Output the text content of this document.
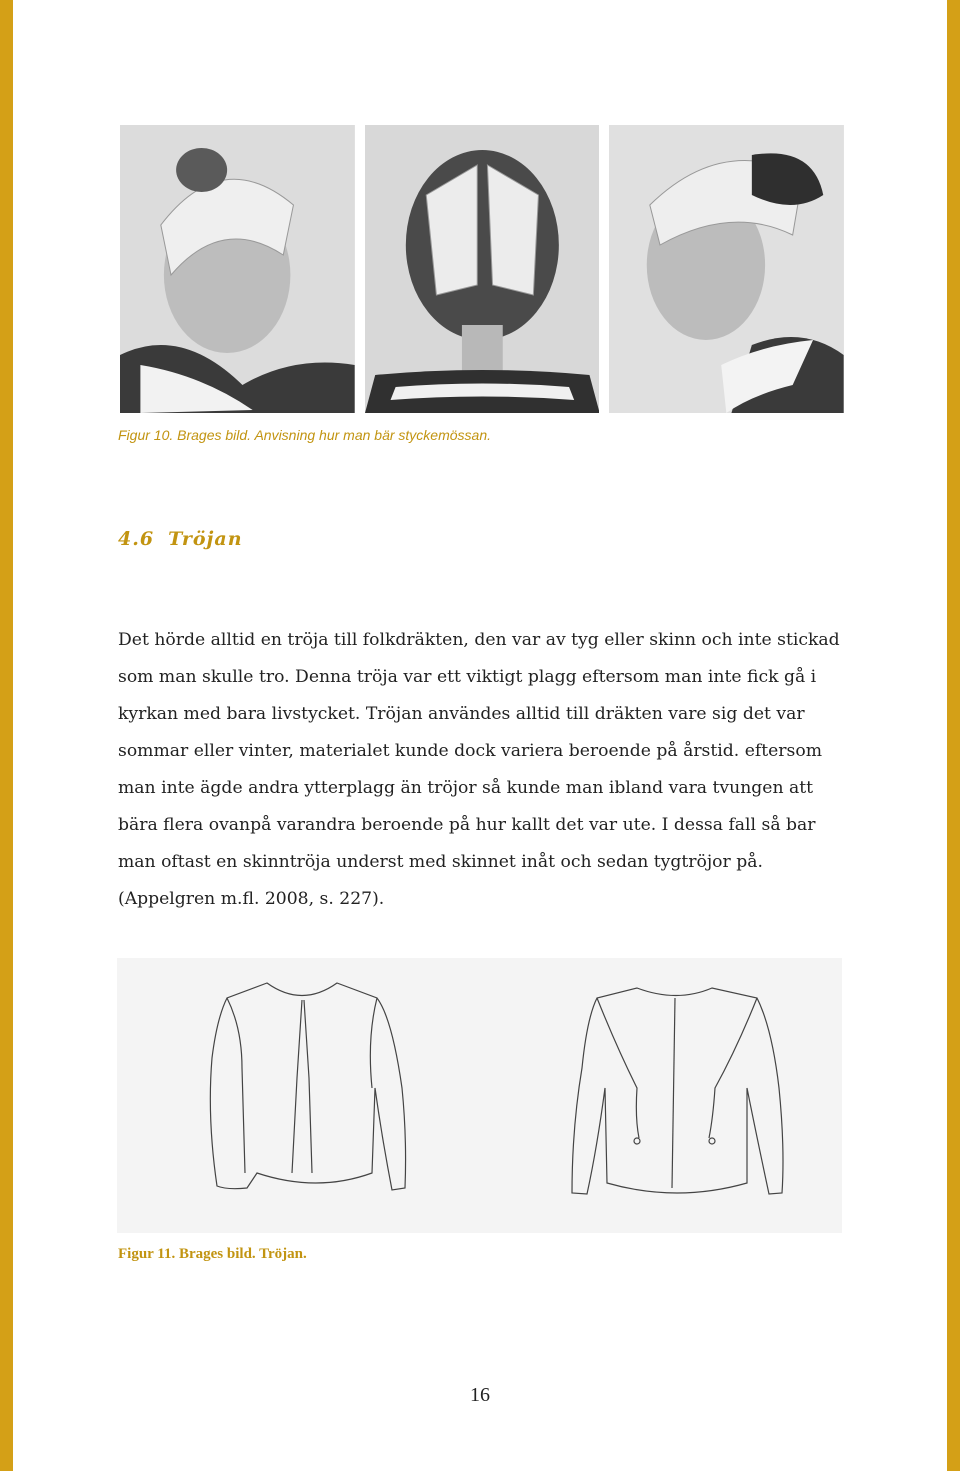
Figur 10. Brages bild. Anvisning hur man bär styckemössan.
4.6 Tröjan

Det hörde alltid en tröja till folkdräkten, den var av tyg eller skinn och inte stickad som man skulle tro. Denna tröja var ett viktigt plagg eftersom man inte fick gå i kyrkan med bara livstycket. Tröjan användes alltid till dräkten vare sig det var sommar eller vinter, materialet kunde dock variera beroende på årstid. eftersom man inte ägde andra ytterplagg än tröjor så kunde man ibland vara tvungen att bära flera ovanpå varandra beroende på hur kallt det var ute. I dessa fall så bar man oftast en skinntröja underst med skinnet inåt och sedan tygtröjor på. (Appelgren m.fl. 2008, s. 227).

Figur 11. Brages bild. Tröjan.
16
